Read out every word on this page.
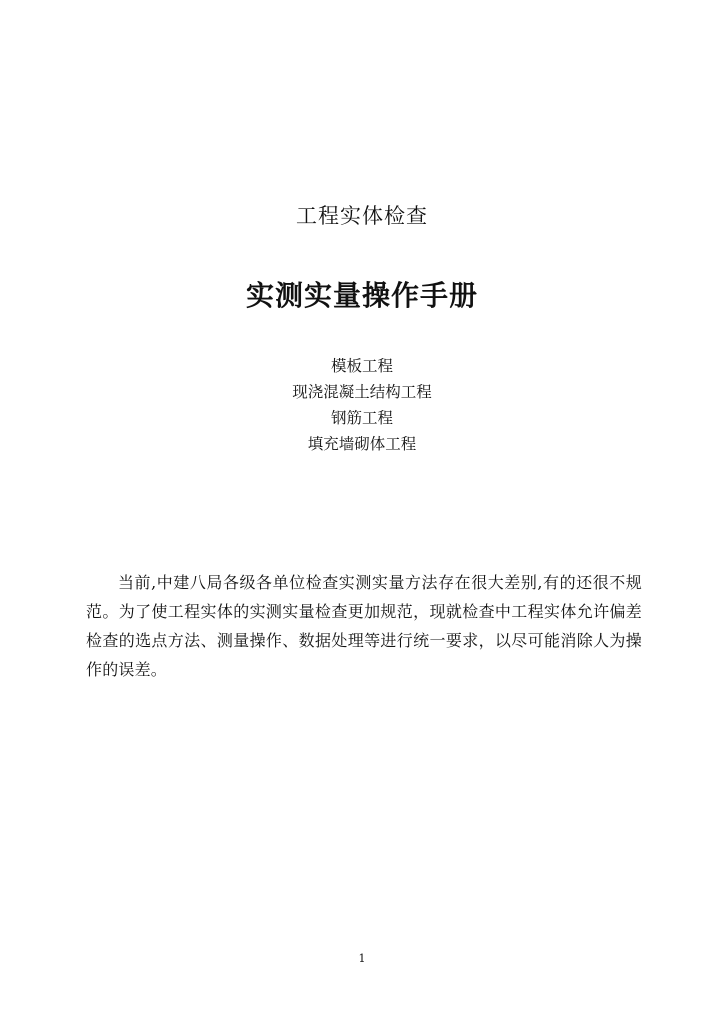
工程实体检查
实测实量操作手册
模板工程
现浇混凝土结构工程
钢筋工程
填充墙砌体工程

当前,中建八局各级各单位检查实测实量方法存在很大差别,有的还很不规范。为了使工程实体的实测实量检查更加规范，现就检查中工程实体允许偏差检查的选点方法、测量操作、数据处理等进行统一要求，以尽可能消除人为操作的误差。

1
